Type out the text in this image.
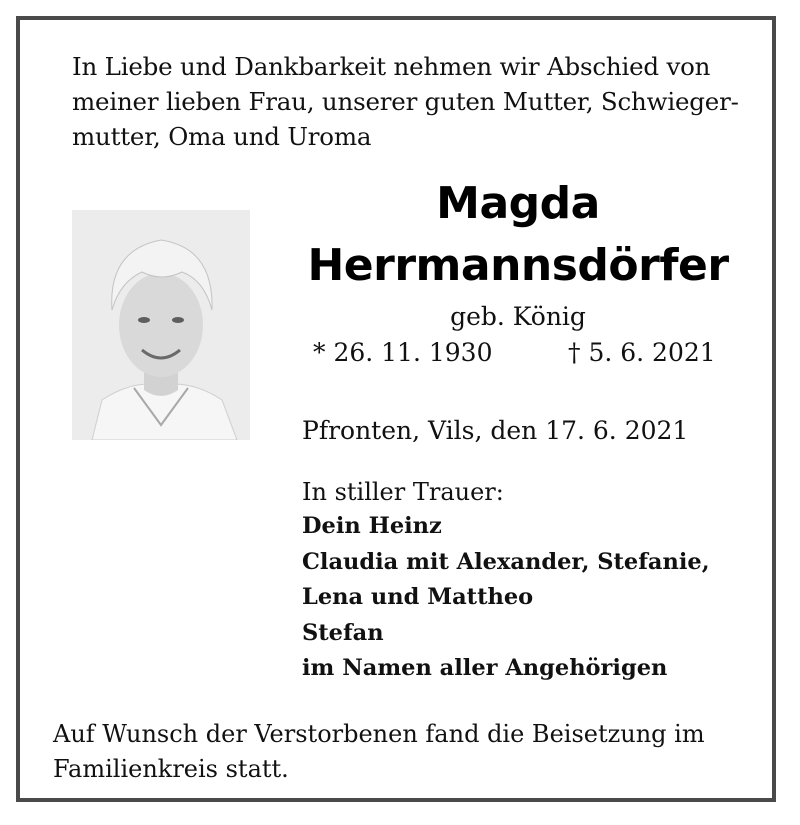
In Liebe und Dankbarkeit nehmen wir Abschied von
meiner lieben Frau, unserer guten Mutter, Schwieger-
mutter, Oma und Uroma
Magda
Herrmannsdörfer
geb. König
* 26. 11. 1930	† 5. 6. 2021
Pfronten, Vils, den 17. 6. 2021
In stiller Trauer:
Dein Heinz
Claudia mit Alexander, Stefanie,
Lena und Mattheo
Stefan
im Namen aller Angehörigen
Auf Wunsch der Verstorbenen fand die Beisetzung im
Familienkreis statt.
